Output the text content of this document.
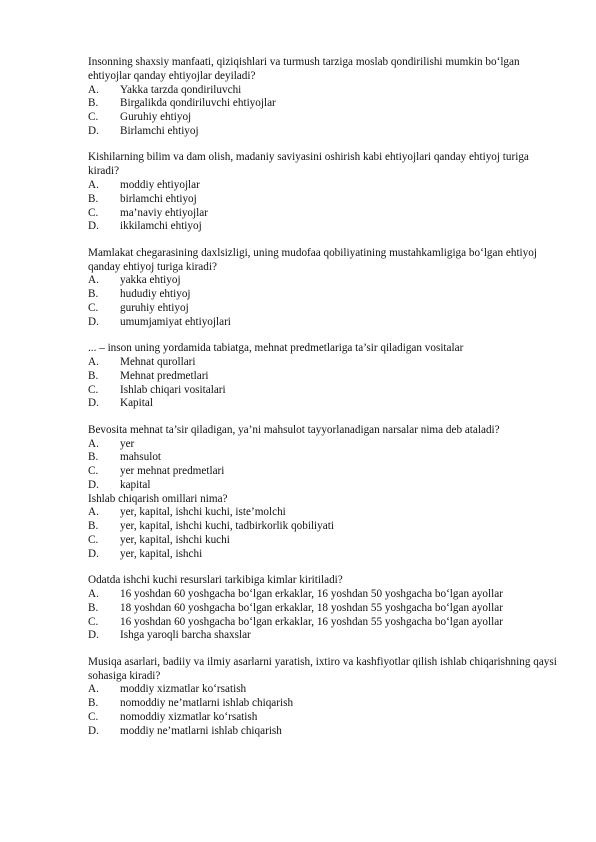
Insonning shaxsiy manfaati, qiziqishlari va turmush tarziga moslab qondirilishi mumkin bo‘lgan ehtiyojlar qanday ehtiyojlar deyiladi?
A.	Yakka tarzda qondiriluvchi
B.	Birgalikda qondiriluvchi ehtiyojlar
C.	Guruhiy ehtiyoj
D.	Birlamchi ehtiyoj
Kishilarning bilim va dam olish, madaniy saviyasini oshirish kabi ehtiyojlari qanday ehtiyoj turiga kiradi?
A.	moddiy ehtiyojlar
B.	birlamchi ehtiyoj
C.	ma’naviy ehtiyojlar
D.	ikkilamchi ehtiyoj
Mamlakat chegarasining daxlsizligi, uning mudofaa qobiliyatining mustahkamligiga bo‘lgan ehtiyoj qanday ehtiyoj turiga kiradi?
A.	yakka ehtiyoj
B.	hududiy ehtiyoj
C.	guruhiy ehtiyoj
D.	umumjamiyat ehtiyojlari
... – inson uning yordamida tabiatga, mehnat predmetlariga ta’sir qiladigan vositalar
A.	Mehnat qurollari
B.	Mehnat predmetlari
C.	Ishlab chiqari vositalari
D.	Kapital
Bevosita mehnat ta’sir qiladigan, ya’ni mahsulot tayyorlanadigan narsalar nima deb ataladi?
A.	yer
B.	mahsulot
C.	yer mehnat predmetlari
D.	kapital
Ishlab chiqarish omillari nima?
A.	yer, kapital, ishchi kuchi, iste’molchi
B.	yer, kapital, ishchi kuchi, tadbirkorlik qobiliyati
C.	yer, kapital, ishchi kuchi
D.	yer, kapital, ishchi
Odatda ishchi kuchi resurslari tarkibiga kimlar kiritiladi?
A.	16 yoshdan 60 yoshgacha bo‘lgan erkaklar, 16 yoshdan 50 yoshgacha bo‘lgan ayollar
B.	18 yoshdan 60 yoshgacha bo‘lgan erkaklar, 18 yoshdan 55 yoshgacha bo‘lgan ayollar
C.	16 yoshdan 60 yoshgacha bo‘lgan erkaklar, 16 yoshdan 55 yoshgacha bo‘lgan ayollar
D.	Ishga yaroqli barcha shaxslar
Musiqa asarlari, badiiy va ilmiy asarlarni yaratish, ixtiro va kashfiyotlar qilish ishlab chiqarishning qaysi sohasiga kiradi?
A.	moddiy xizmatlar ko‘rsatish
B.	nomoddiy ne’matlarni ishlab chiqarish
C.	nomoddiy xizmatlar ko‘rsatish
D.	moddiy ne’matlarni ishlab chiqarish
